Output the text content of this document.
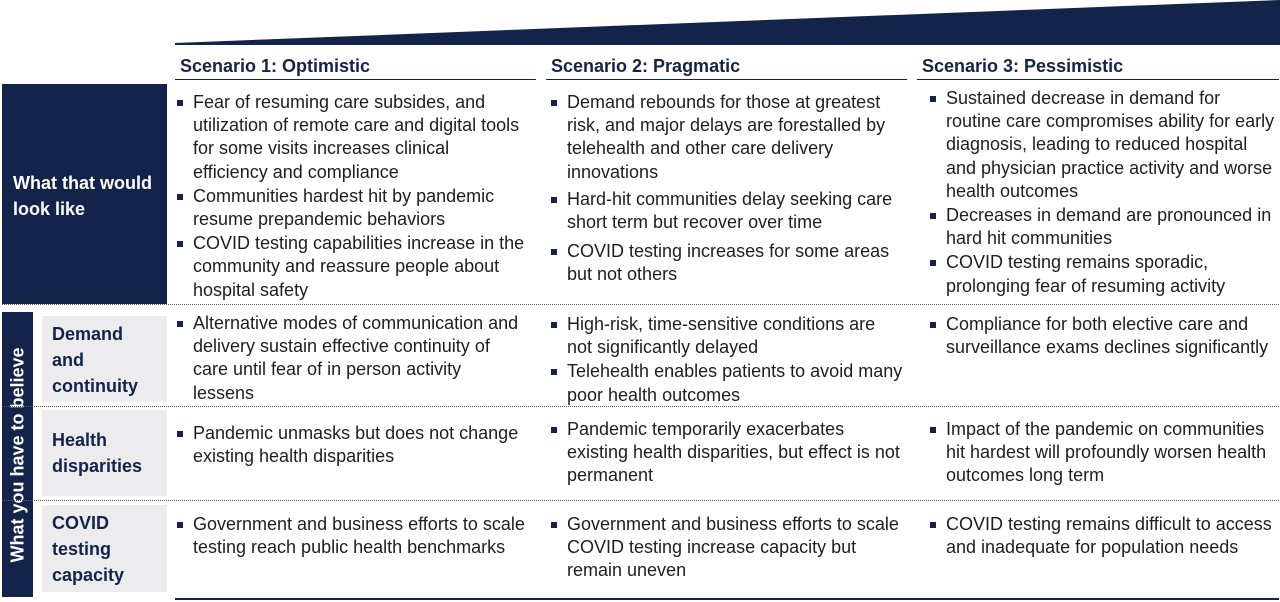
Scenario 1: Optimistic	Scenario 2: Pragmatic	Scenario 3: Pessimistic
What that would look like
What you have to believe
Demand
and
continuity
Health
disparities
COVID
testing
capacity
Fear of resuming care subsides, and utilization of remote care and digital tools for some visits increases clinical efficiency and compliance
Communities hardest hit by pandemic resume prepandemic behaviors
COVID testing capabilities increase in the community and reassure people about hospital safety
Demand rebounds for those at greatest risk, and major delays are forestalled by telehealth and other care delivery innovations
Hard-hit communities delay seeking care short term but recover over time
COVID testing increases for some areas but not others
Sustained decrease in demand for routine care compromises ability for early diagnosis, leading to reduced hospital and physician practice activity and worse health outcomes
Decreases in demand are pronounced in hard hit communities
COVID testing remains sporadic, prolonging fear of resuming activity
Alternative modes of communication and delivery sustain effective continuity of care until fear of in person activity lessens
High-risk, time-sensitive conditions are not significantly delayed
Telehealth enables patients to avoid many poor health outcomes
Compliance for both elective care and surveillance exams declines significantly
Pandemic unmasks but does not change existing health disparities
Pandemic temporarily exacerbates existing health disparities, but effect is not permanent
Impact of the pandemic on communities hit hardest will profoundly worsen health outcomes long term
Government and business efforts to scale testing reach public health benchmarks
Government and business efforts to scale COVID testing increase capacity but remain uneven
COVID testing remains difficult to access and inadequate for population needs
